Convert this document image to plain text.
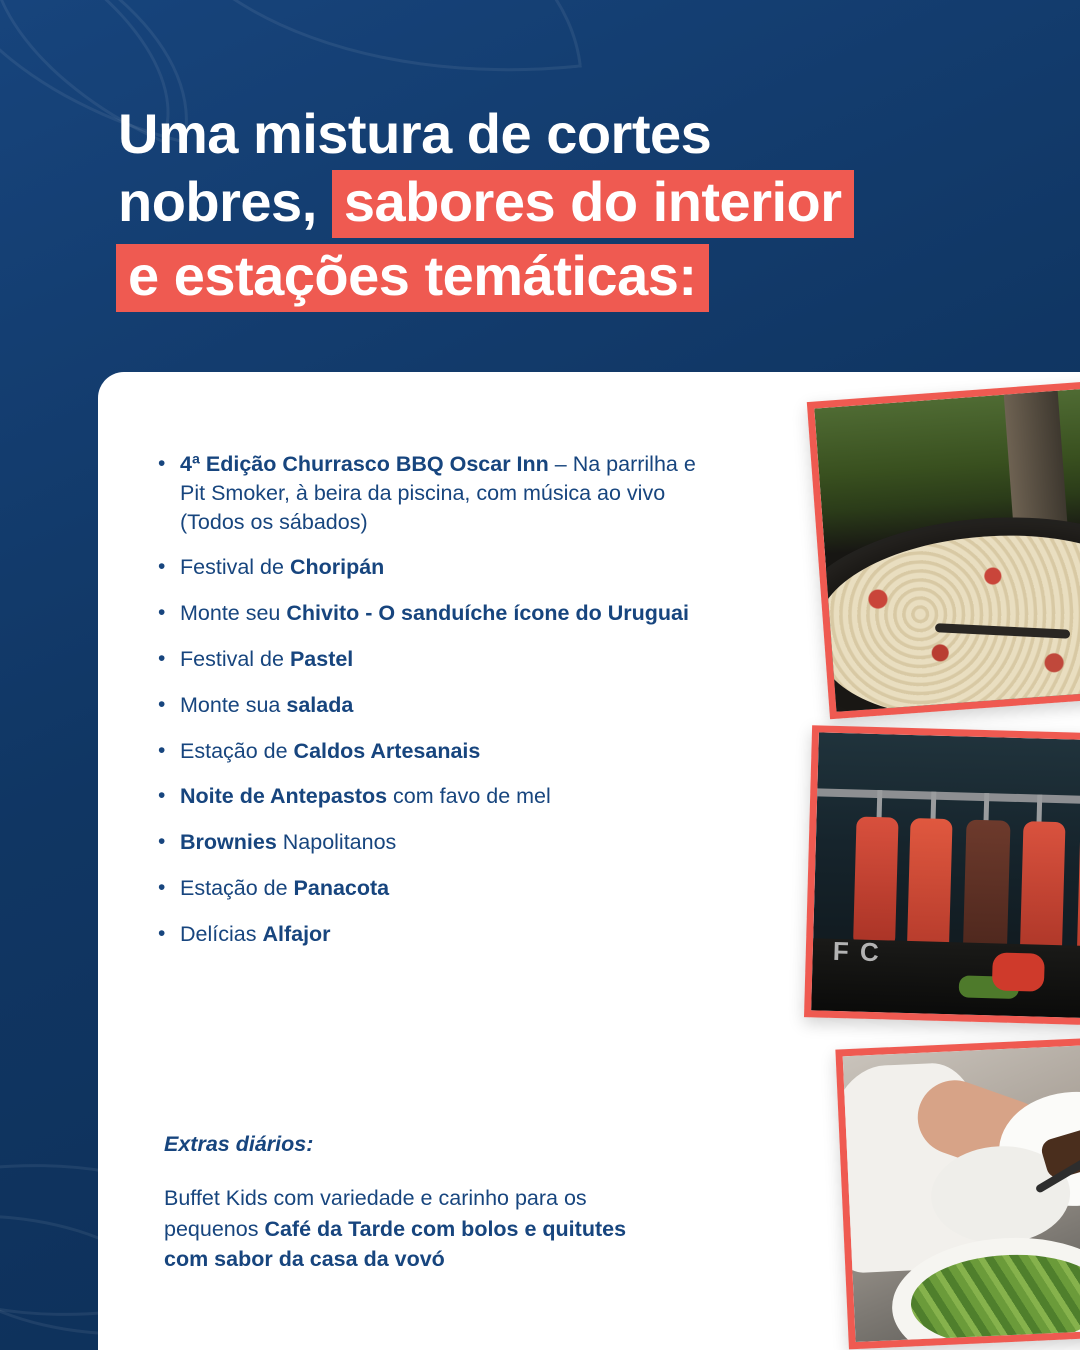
Uma mistura de cortes
nobres, sabores do interior
e estações temáticas:
• 4ª Edição Churrasco BBQ Oscar Inn – Na parrilha e Pit Smoker, à beira da piscina, com música ao vivo (Todos os sábados)
• Festival de Choripán
• Monte seu Chivito - O sanduíche ícone do Uruguai
• Festival de Pastel
• Monte sua salada
• Estação de Caldos Artesanais
• Noite de Antepastos com favo de mel
• Brownies Napolitanos
• Estação de Panacota
• Delícias Alfajor
Extras diários:
Buffet Kids com variedade e carinho para os pequenos Café da Tarde com bolos e quitutes com sabor da casa da vovó
F C
